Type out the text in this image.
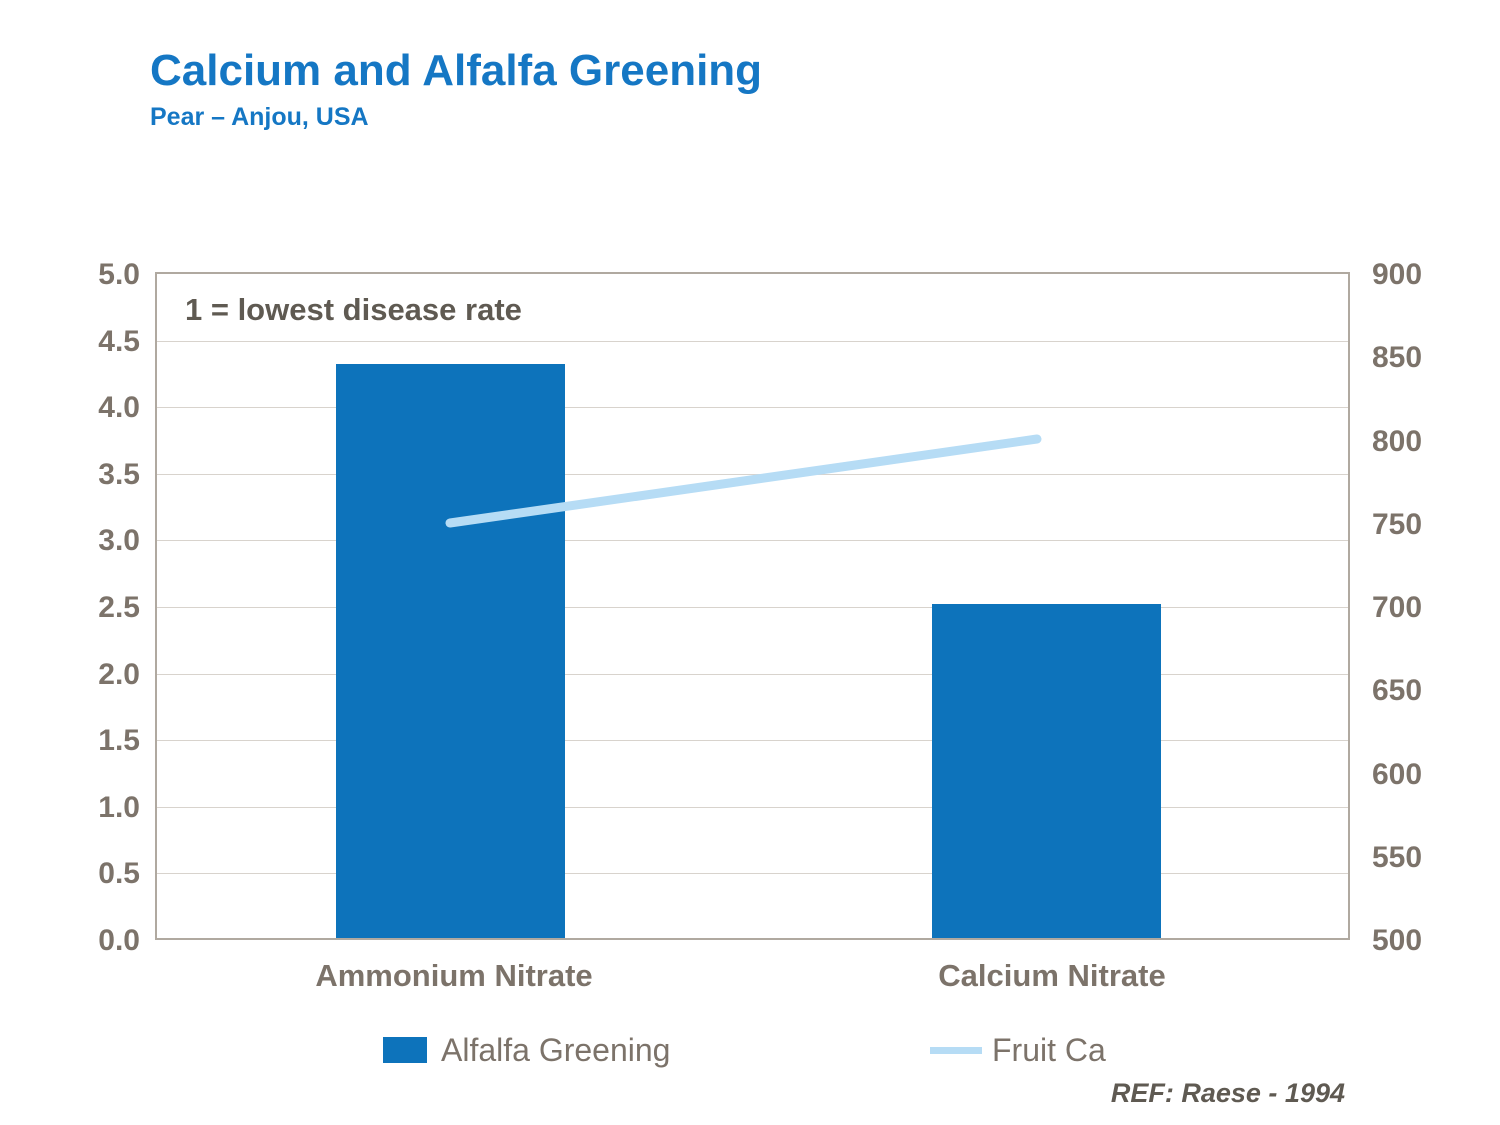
Calcium and Alfalfa Greening
Pear – Anjou, USA
1 = lowest disease rate
5.0
4.5
4.0
3.5
3.0
2.5
2.0
1.5
1.0
0.5
0.0
900
850
800
750
700
650
600
550
500
Ammonium Nitrate	Calcium Nitrate
Alfalfa Greening	Fruit Ca
REF: Raese - 1994
